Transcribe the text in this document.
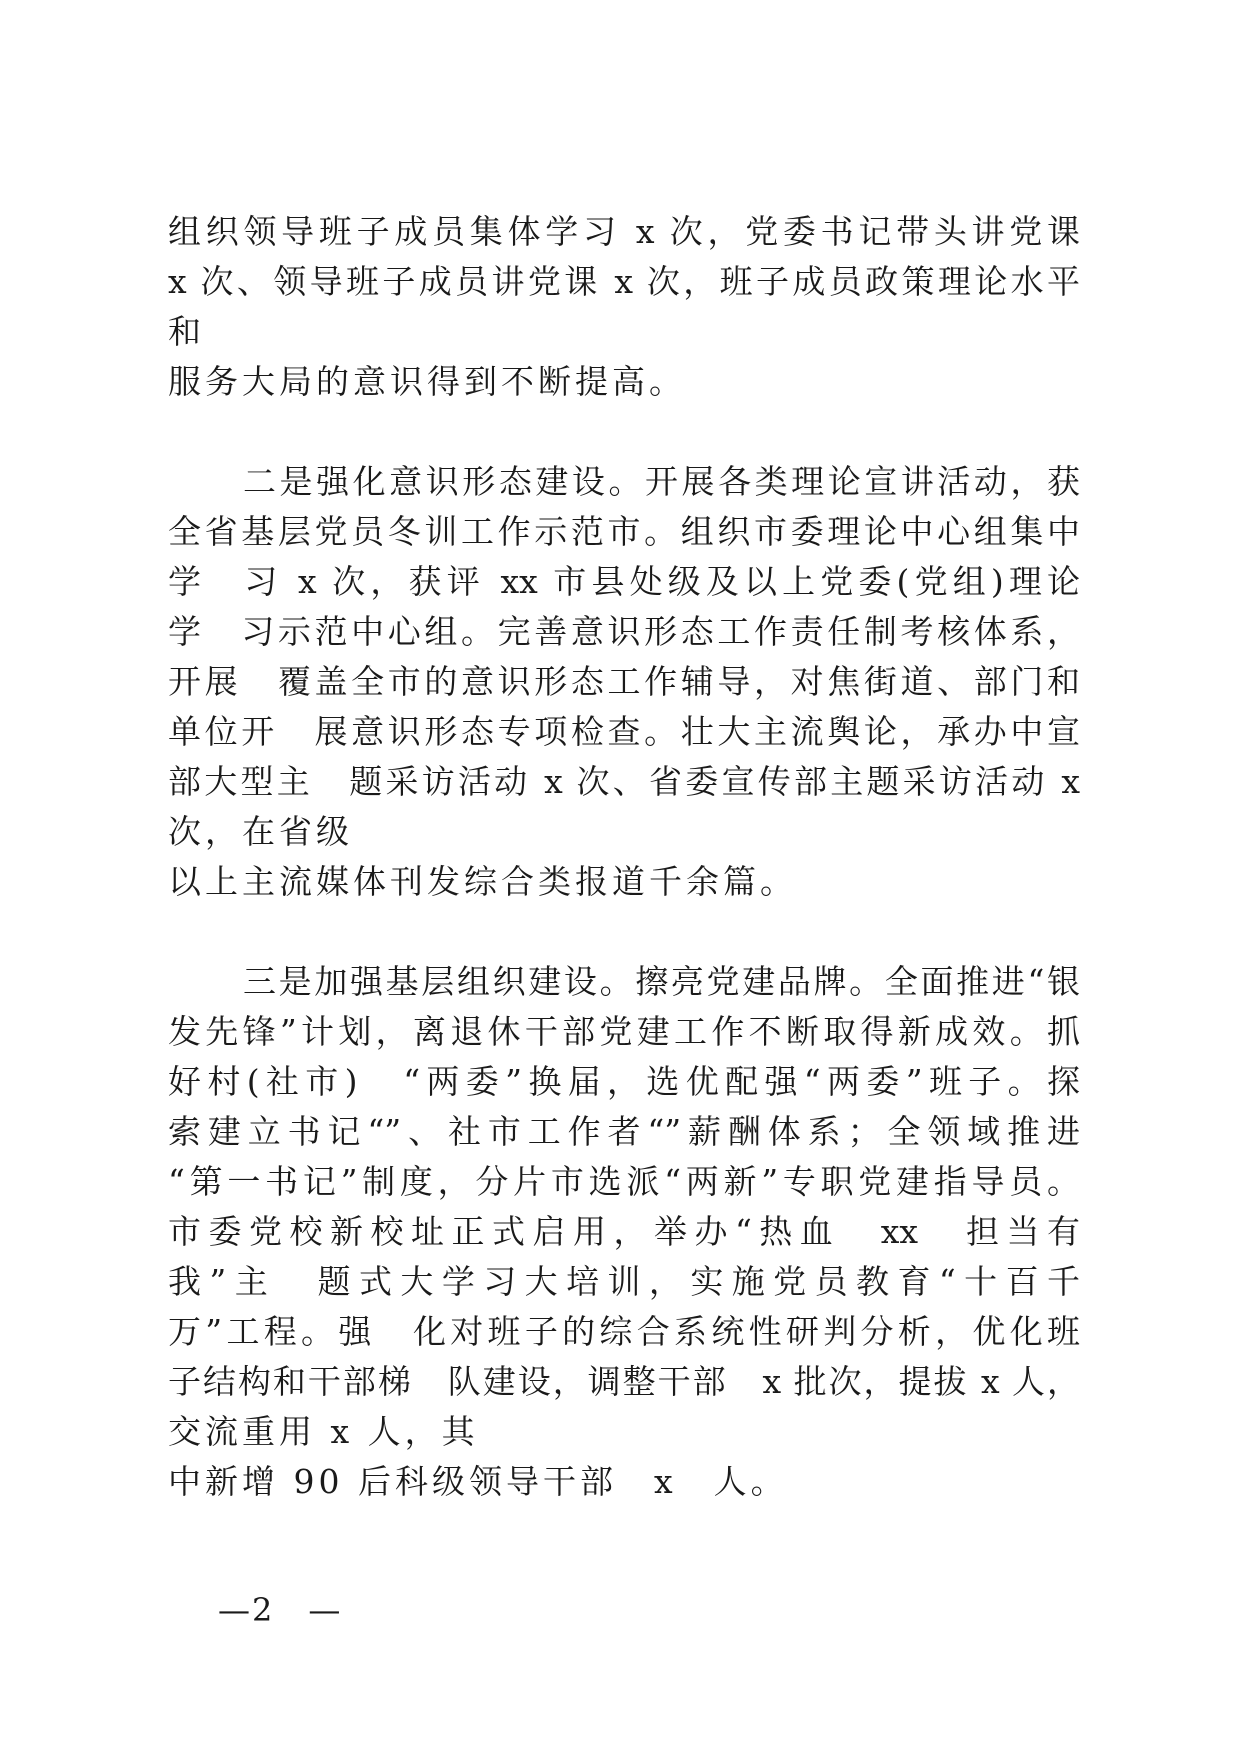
组织领导班子成员集体学习 x 次，党委书记带头讲党课
x 次、领导班子成员讲党课 x 次，班子成员政策理论水平
和
服务大局的意识得到不断提高。
二是强化意识形态建设。开展各类理论宣讲活动，获
全省基层党员冬训工作示范市。组织市委理论中心组集中
学　习 x 次，获评 xx 市县处级及以上党委(党组)理论
学　习示范中心组。完善意识形态工作责任制考核体系，
开展　覆盖全市的意识形态工作辅导，对焦街道、部门和
单位开　展意识形态专项检查。壮大主流舆论，承办中宣
部大型主　题采访活动 x 次、省委宣传部主题采访活动 x
次，在省级
以上主流媒体刊发综合类报道千余篇。
三是加强基层组织建设。擦亮党建品牌。全面推进“银
发先锋”计划，离退休干部党建工作不断取得新成效。抓
好村(社市)　“两委”换届，选优配强“两委”班子。探
索建立书记“”、社市工作者“”薪酬体系；全领域推进
“第一书记”制度，分片市选派“两新”专职党建指导员。
市委党校新校址正式启用，举办“热血　xx　担当有
我”主　题式大学习大培训，实施党员教育“十百千
万”工程。强　化对班子的综合系统性研判分析，优化班
子结构和干部梯　队建设，调整干部　x 批次，提拔 x 人，
交流重用 x 人，其
中新增 90 后科级领导干部　x　人。
—2　—
